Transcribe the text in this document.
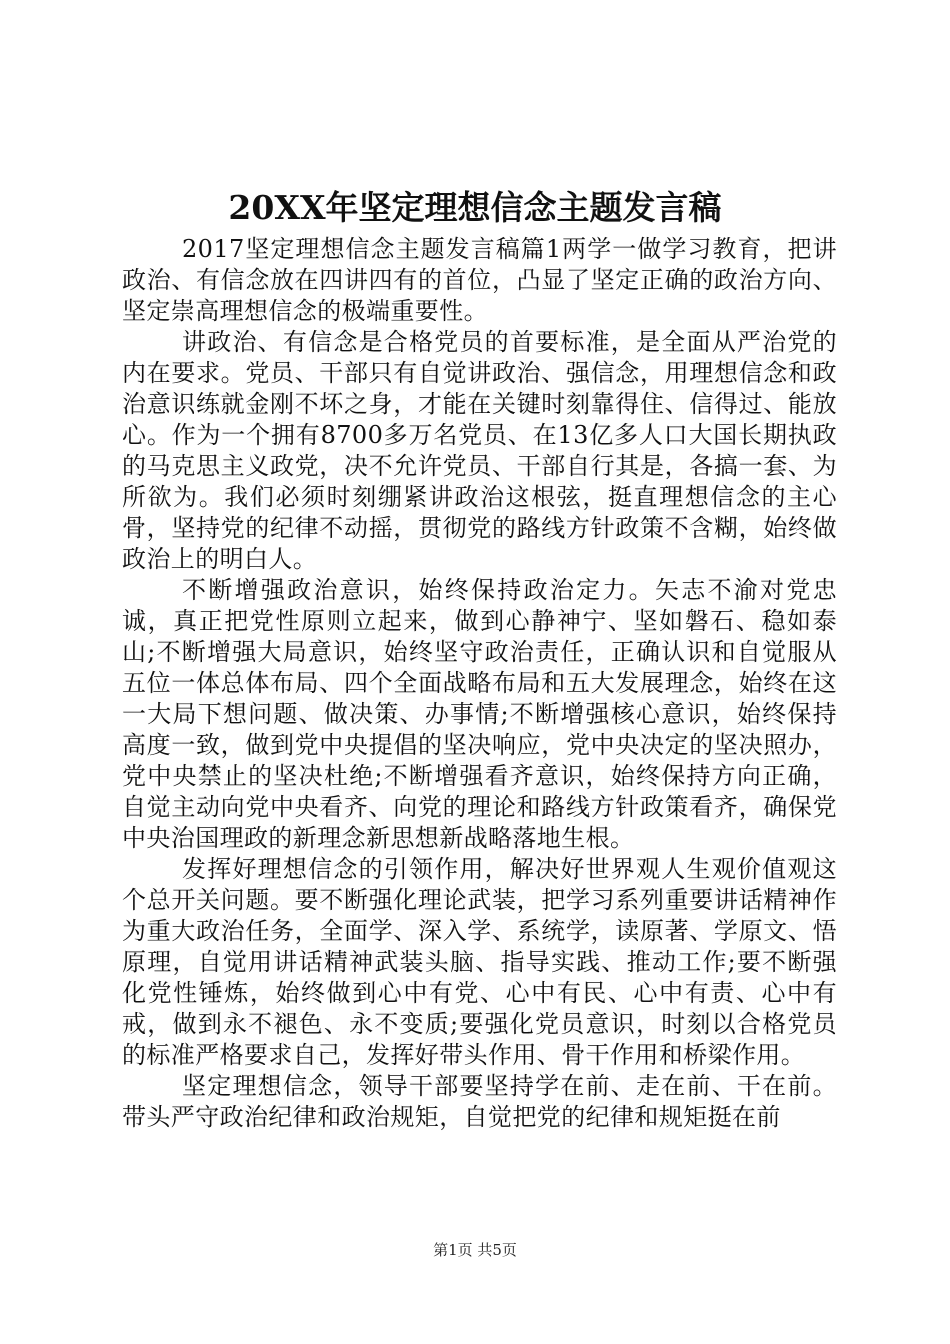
20XX年坚定理想信念主题发言稿

2017坚定理想信念主题发言稿篇1两学一做学习教育，把讲政治、有信念放在四讲四有的首位，凸显了坚定正确的政治方向、坚定崇高理想信念的极端重要性。

讲政治、有信念是合格党员的首要标准，是全面从严治党的内在要求。党员、干部只有自觉讲政治、强信念，用理想信念和政治意识练就金刚不坏之身，才能在关键时刻靠得住、信得过、能放心。作为一个拥有8700多万名党员、在13亿多人口大国长期执政的马克思主义政党，决不允许党员、干部自行其是，各搞一套、为所欲为。我们必须时刻绷紧讲政治这根弦，挺直理想信念的主心骨，坚持党的纪律不动摇，贯彻党的路线方针政策不含糊，始终做政治上的明白人。

不断增强政治意识，始终保持政治定力。矢志不渝对党忠诚，真正把党性原则立起来，做到心静神宁、坚如磐石、稳如泰山;不断增强大局意识，始终坚守政治责任，正确认识和自觉服从五位一体总体布局、四个全面战略布局和五大发展理念，始终在这一大局下想问题、做决策、办事情;不断增强核心意识，始终保持高度一致，做到党中央提倡的坚决响应，党中央决定的坚决照办，党中央禁止的坚决杜绝;不断增强看齐意识，始终保持方向正确，自觉主动向党中央看齐、向党的理论和路线方针政策看齐，确保党中央治国理政的新理念新思想新战略落地生根。

发挥好理想信念的引领作用，解决好世界观人生观价值观这个总开关问题。要不断强化理论武装，把学习系列重要讲话精神作为重大政治任务，全面学、深入学、系统学，读原著、学原文、悟原理，自觉用讲话精神武装头脑、指导实践、推动工作;要不断强化党性锤炼，始终做到心中有党、心中有民、心中有责、心中有戒，做到永不褪色、永不变质;要强化党员意识，时刻以合格党员的标准严格要求自己，发挥好带头作用、骨干作用和桥梁作用。

坚定理想信念，领导干部要坚持学在前、走在前、干在前。带头严守政治纪律和政治规矩，自觉把党的纪律和规矩挺在前

第1页 共5页
